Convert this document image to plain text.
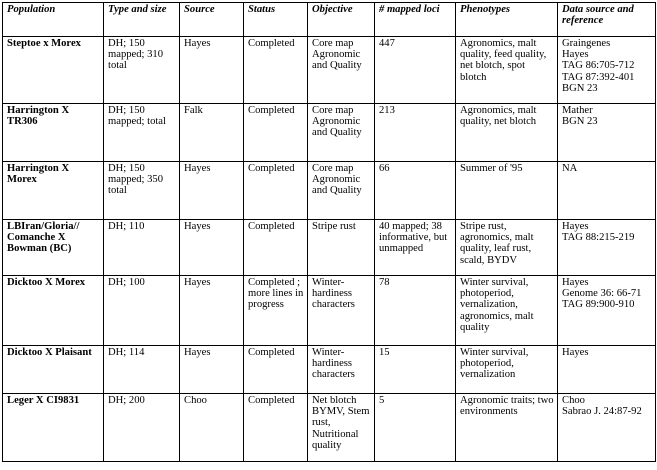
Population	Type and size	Source	Status	Objective	# mapped loci	Phenotypes	Data source and reference
Steptoe x Morex	DH; 150 mapped; 310 total	Hayes	Completed	Core map Agronomic and Quality	447	Agronomics, malt quality, feed quality, net blotch, spot blotch	Graingenes
Hayes
TAG 86:705-712
TAG 87:392-401
BGN 23
Harrington X TR306	DH; 150 mapped; total	Falk	Completed	Core map Agronomic and Quality	213	Agronomics, malt quality, net blotch	Mather
BGN 23
Harrington X Morex	DH; 150 mapped; 350 total	Hayes	Completed	Core map Agronomic and Quality	66	Summer of '95	NA
LBIran/Gloria// Comanche X Bowman (BC)	DH; 110	Hayes	Completed	Stripe rust	40 mapped; 38 informative, but unmapped	Stripe rust, agronomics, malt quality, leaf rust, scald, BYDV	Hayes
TAG 88:215-219
Dicktoo X Morex	DH; 100	Hayes	Completed ; more lines in progress	Winter-hardiness characters	78	Winter survival, photoperiod, vernalization, agronomics, malt quality	Hayes
Genome 36: 66-71
TAG 89:900-910
Dicktoo X Plaisant	DH; 114	Hayes	Completed	Winter-hardiness characters	15	Winter survival, photoperiod, vernalization	Hayes
Leger X CI9831	DH; 200	Choo	Completed	Net blotch BYMV, Stem rust, Nutritional quality	5	Agronomic traits; two environments	Choo
Sabrao J. 24:87-92
